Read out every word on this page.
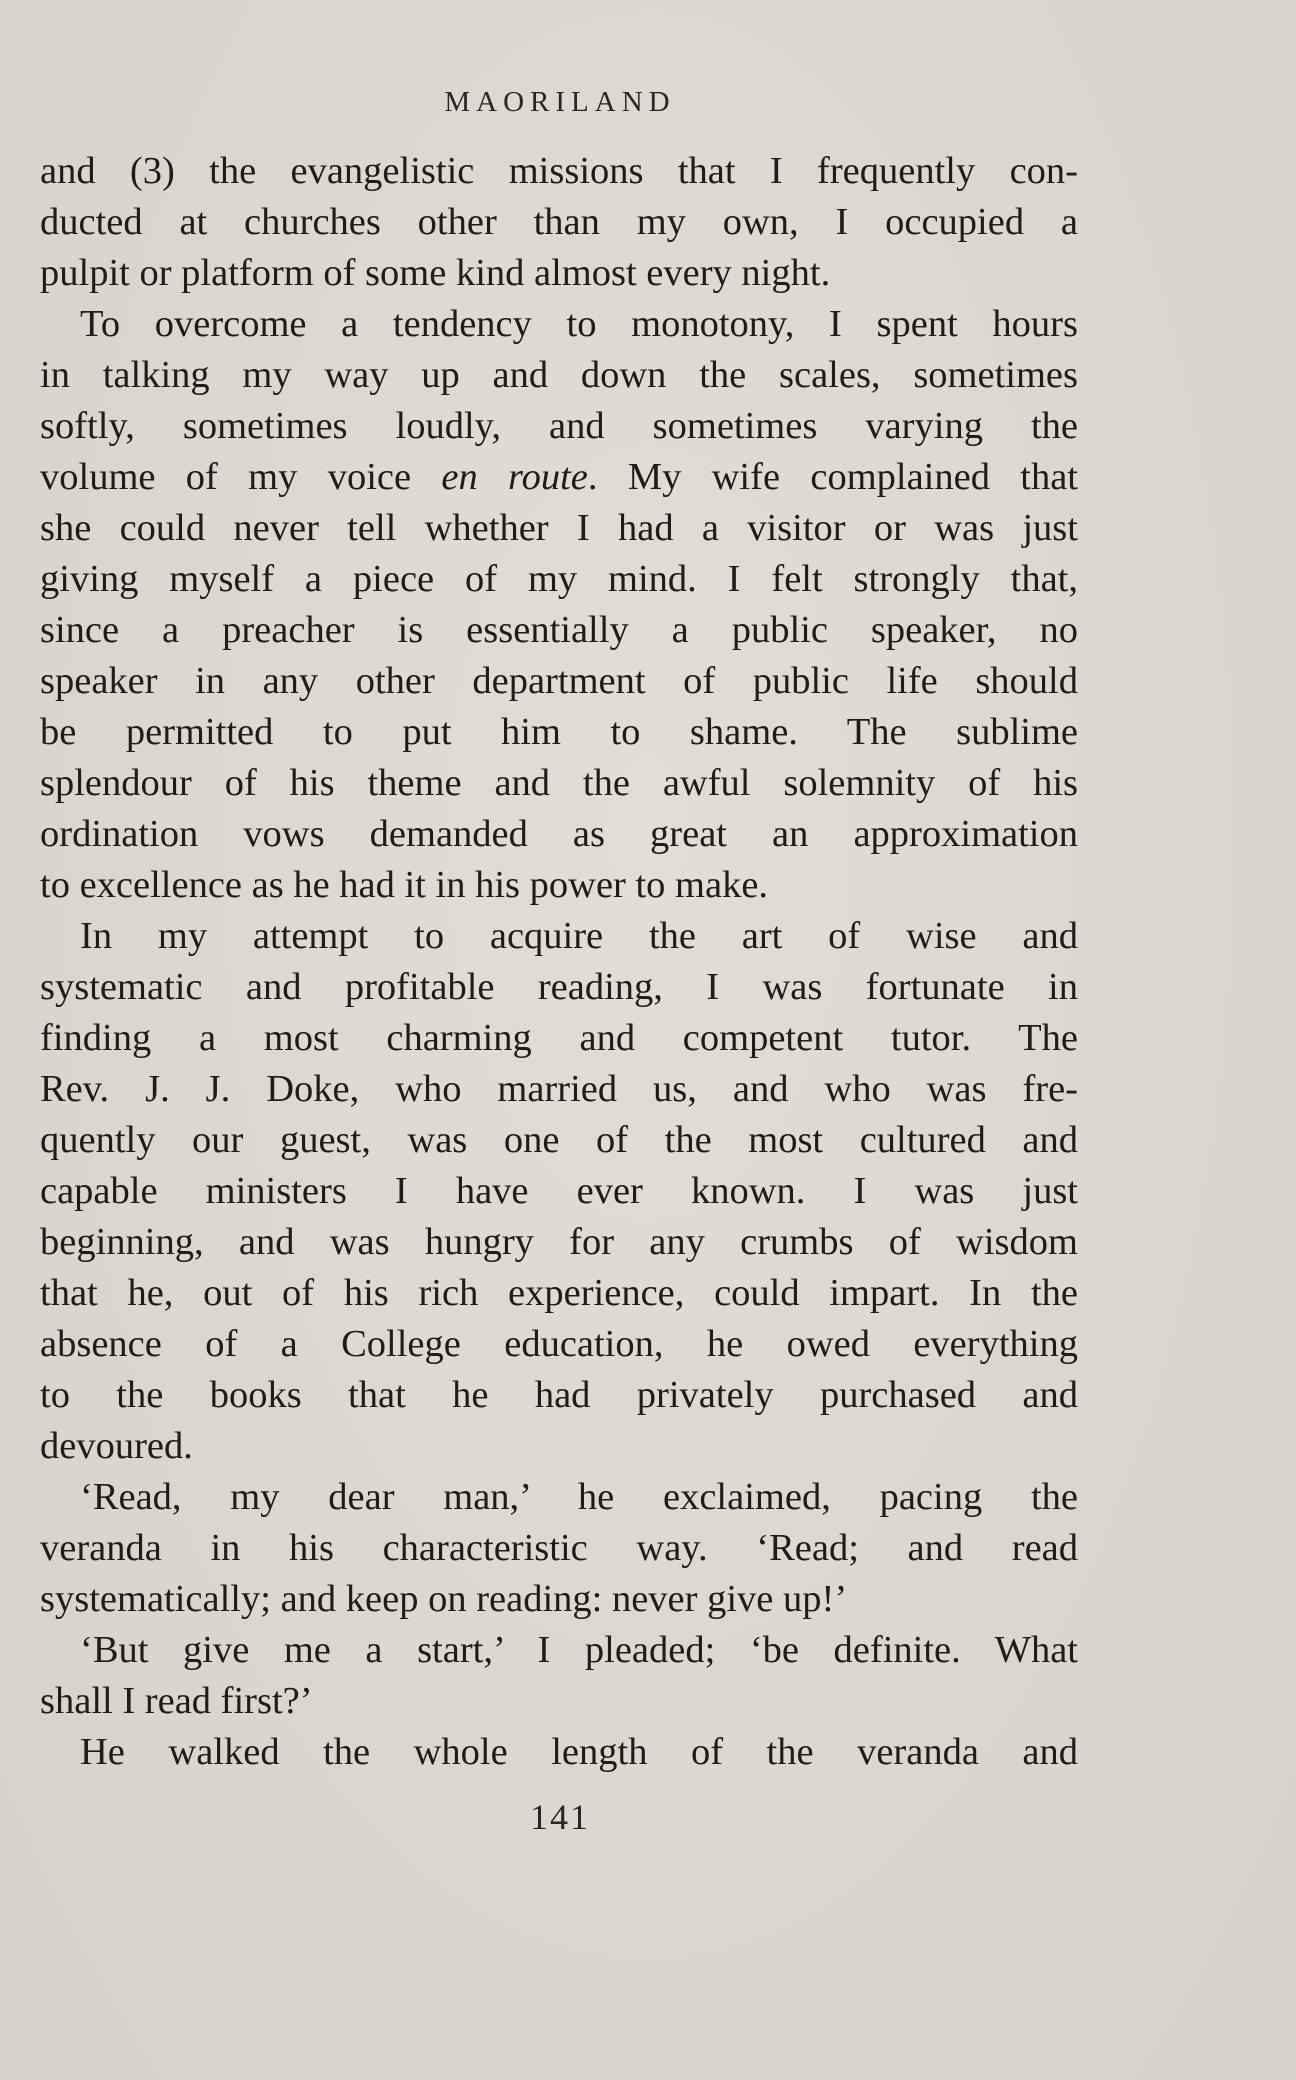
MAORILAND
and (3) the evangelistic missions that I frequently con-
ducted at churches other than my own, I occupied a
pulpit or platform of some kind almost every night.
To overcome a tendency to monotony, I spent hours
in talking my way up and down the scales, sometimes
softly, sometimes loudly, and sometimes varying the
volume of my voice en route. My wife complained that
she could never tell whether I had a visitor or was just
giving myself a piece of my mind. I felt strongly that,
since a preacher is essentially a public speaker, no
speaker in any other department of public life should
be permitted to put him to shame. The sublime
splendour of his theme and the awful solemnity of his
ordination vows demanded as great an approximation
to excellence as he had it in his power to make.
In my attempt to acquire the art of wise and
systematic and profitable reading, I was fortunate in
finding a most charming and competent tutor. The
Rev. J. J. Doke, who married us, and who was fre-
quently our guest, was one of the most cultured and
capable ministers I have ever known. I was just
beginning, and was hungry for any crumbs of wisdom
that he, out of his rich experience, could impart. In the
absence of a College education, he owed everything
to the books that he had privately purchased and
devoured.
‘Read, my dear man,’ he exclaimed, pacing the
veranda in his characteristic way. ‘Read; and read
systematically; and keep on reading: never give up!’
‘But give me a start,’ I pleaded; ‘be definite. What
shall I read first?’
He walked the whole length of the veranda and
141
